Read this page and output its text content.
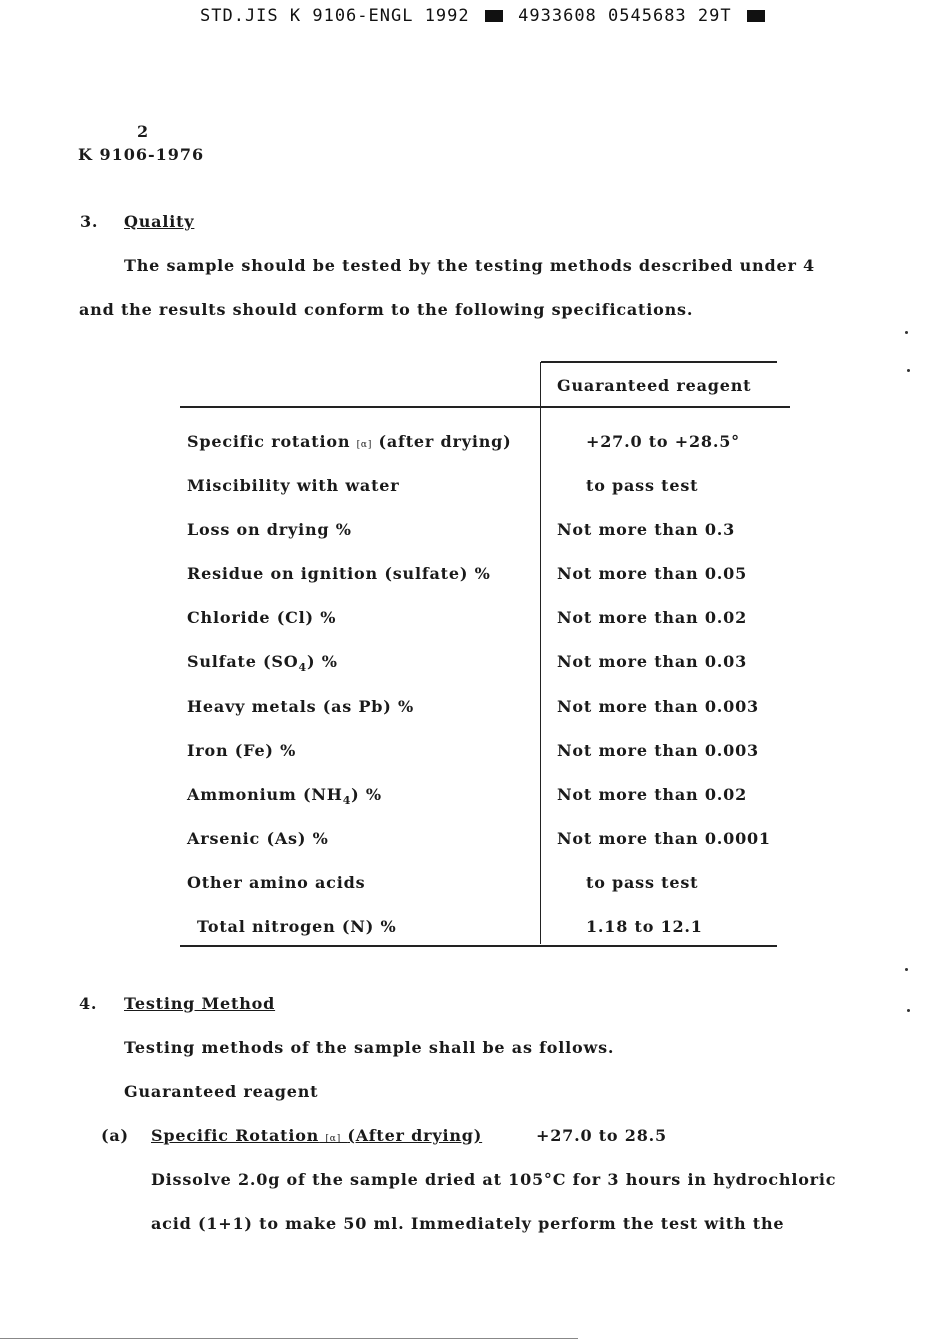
STD.JIS K 9106-ENGL 1992	4933608 0545683 29T
2
K 9106-1976
3. Quality
The sample should be tested by the testing methods described under 4
and the results should conform to the following specifications.
Guaranteed reagent
Specific rotation [α] (after drying)	+27.0 to +28.5°
Miscibility with water	to pass test
Loss on drying %	Not more than 0.3
Residue on ignition (sulfate) %	Not more than 0.05
Chloride (Cl) %	Not more than 0.02
Sulfate $(SO_4)$ %	Not more than 0.03
Heavy metals (as Pb) %	Not more than 0.003
Iron (Fe) %	Not more than 0.003
Ammonium $(NH_4)$ %	Not more than 0.02
Arsenic (As) %	Not more than 0.0001
Other amino acids	to pass test
Total nitrogen (N) %	1.18 to 12.1
4. Testing Method
Testing methods of the sample shall be as follows.
Guaranteed reagent
(a) Specific Rotation [α] (After drying)	+27.0 to 28.5
Dissolve 2.0g of the sample dried at 105°C for 3 hours in hydrochloric
acid (1+1) to make 50 ml. Immediately perform the test with the
